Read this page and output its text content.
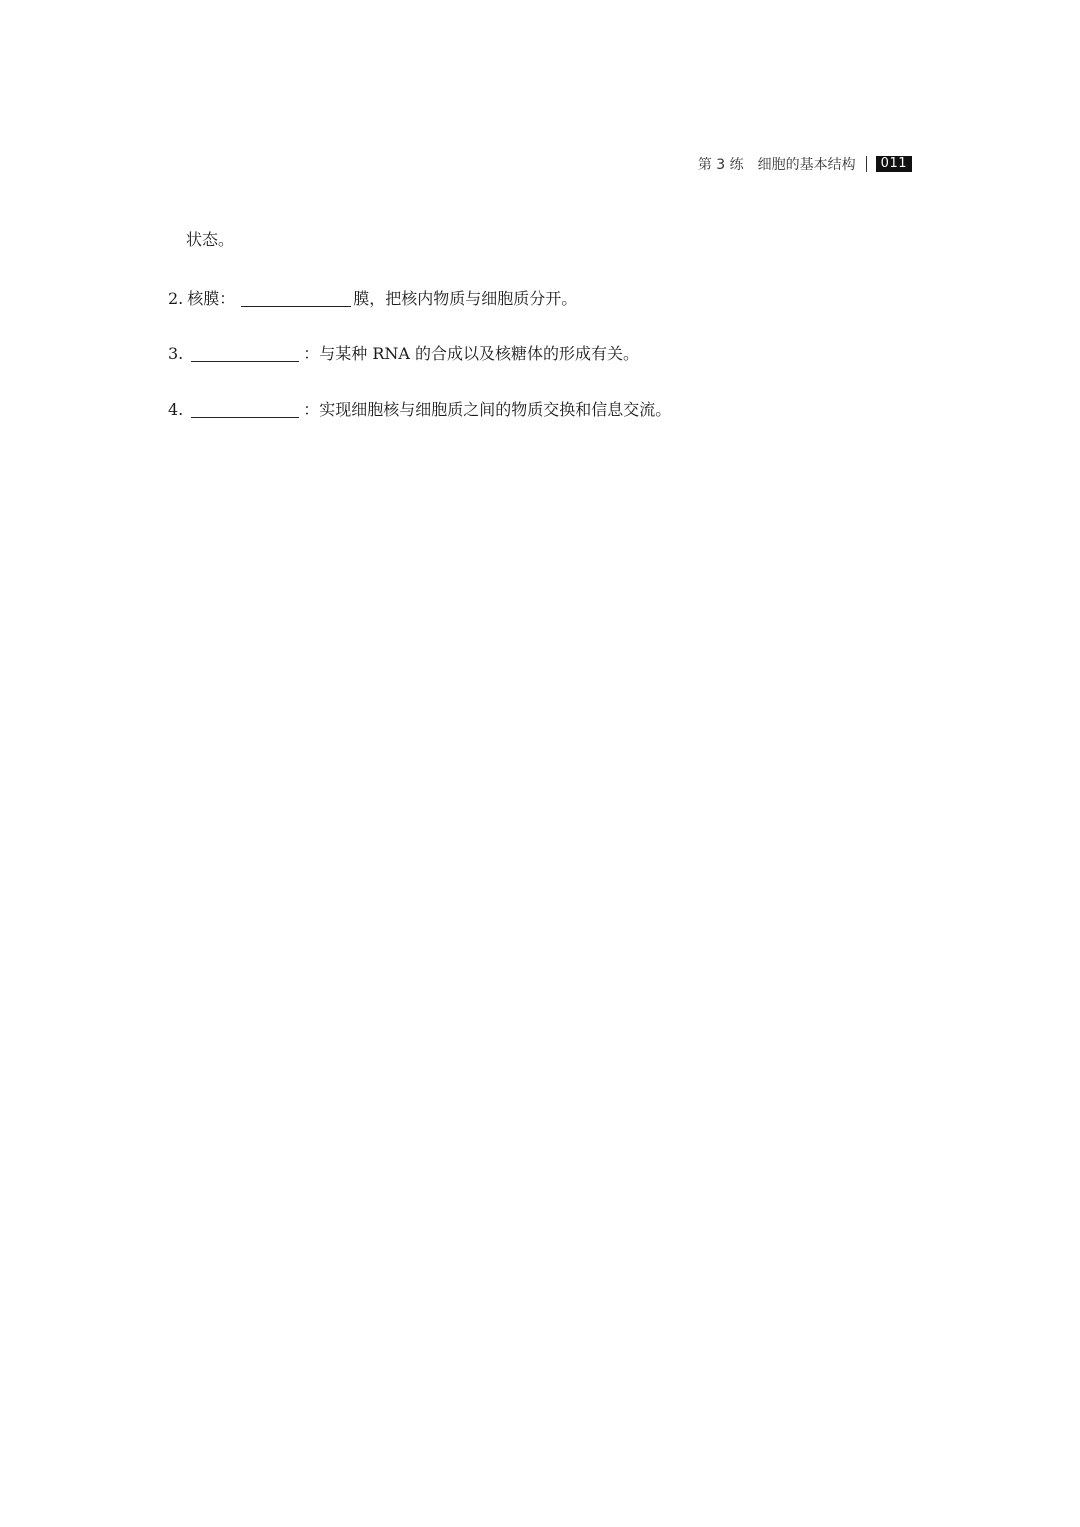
第 3 练 细胞的基本结构	011
状态。
2. 核膜：	膜，把核内物质与细胞质分开。
3.	：与某种 RNA 的合成以及核糖体的形成有关。
4.	：实现细胞核与细胞质之间的物质交换和信息交流。
